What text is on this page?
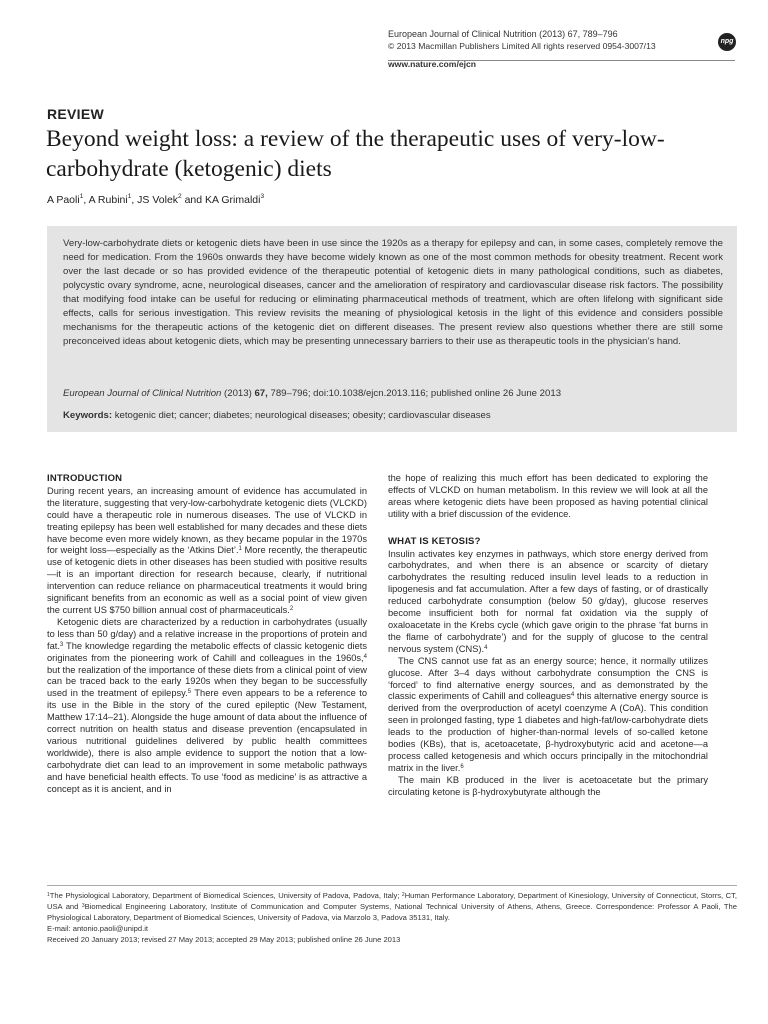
European Journal of Clinical Nutrition (2013) 67, 789–796
© 2013 Macmillan Publishers Limited All rights reserved 0954-3007/13
www.nature.com/ejcn
npg
REVIEW
Beyond weight loss: a review of the therapeutic uses of very-low-carbohydrate (ketogenic) diets
A Paoli$^1$, A Rubini$^1$, JS Volek$^2$ and KA Grimaldi$^3$

Very-low-carbohydrate diets or ketogenic diets have been in use since the 1920s as a therapy for epilepsy and can, in some cases, completely remove the need for medication. From the 1960s onwards they have become widely known as one of the most common methods for obesity treatment. Recent work over the last decade or so has provided evidence of the therapeutic potential of ketogenic diets in many pathological conditions, such as diabetes, polycystic ovary syndrome, acne, neurological diseases, cancer and the amelioration of respiratory and cardiovascular disease risk factors. The possibility that modifying food intake can be useful for reducing or eliminating pharmaceutical methods of treatment, which are often lifelong with significant side effects, calls for serious investigation. This review revisits the meaning of physiological ketosis in the light of this evidence and considers possible mechanisms for the therapeutic actions of the ketogenic diet on different diseases. The present review also questions whether there are still some preconceived ideas about ketogenic diets, which may be presenting unnecessary barriers to their use as therapeutic tools in the physician’s hand.

European Journal of Clinical Nutrition (2013) 67, 789–796; doi:10.1038/ejcn.2013.116; published online 26 June 2013
Keywords: ketogenic diet; cancer; diabetes; neurological diseases; obesity; cardiovascular diseases
INTRODUCTION

During recent years, an increasing amount of evidence has accumulated in the literature, suggesting that very-low-carbohydrate ketogenic diets (VLCKD) could have a therapeutic role in numerous diseases. The use of VLCKD in treating epilepsy has been well established for many decades and these diets have become even more widely known, as they became popular in the 1970s for weight loss—especially as the ‘Atkins Diet’.$^1$ More recently, the therapeutic use of ketogenic diets in other diseases has been studied with positive results—it is an important direction for research because, clearly, if nutritional intervention can reduce reliance on pharmaceutical treatments it would bring significant benefits from an economic as well as a social point of view given the current US $750 billion annual cost of pharmaceuticals.$^2$

Ketogenic diets are characterized by a reduction in carbohydrates (usually to less than 50 g/day) and a relative increase in the proportions of protein and fat.$^3$ The knowledge regarding the metabolic effects of classic ketogenic diets originates from the pioneering work of Cahill and colleagues in the 1960s,$^4$ but the realization of the importance of these diets from a clinical point of view can be traced back to the early 1920s when they began to be successfully used in the treatment of epilepsy.$^5$ There even appears to be a reference to its use in the Bible in the story of the cured epileptic (New Testament, Matthew 17:14–21). Alongside the huge amount of data about the influence of correct nutrition on health status and disease prevention (encapsulated in various nutritional guidelines delivered by public health committees worldwide), there is also ample evidence to support the notion that a low-carbohydrate diet can lead to an improvement in some metabolic pathways and have beneficial health effects. To use ‘food as medicine’ is as attractive a concept as it is ancient, and in

the hope of realizing this much effort has been dedicated to exploring the effects of VLCKD on human metabolism. In this review we will look at all the areas where ketogenic diets have been proposed as having potential clinical utility with a brief discussion of the evidence.

WHAT IS KETOSIS?

Insulin activates key enzymes in pathways, which store energy derived from carbohydrates, and when there is an absence or scarcity of dietary carbohydrates the resulting reduced insulin level leads to a reduction in lipogenesis and fat accumulation. After a few days of fasting, or of drastically reduced carbohydrate consumption (below 50 g/day), glucose reserves become insufficient both for normal fat oxidation via the supply of oxaloacetate in the Krebs cycle (which gave origin to the phrase ‘fat burns in the flame of carbohydrate’) and for the supply of glucose to the central nervous system (CNS).$^4$

The CNS cannot use fat as an energy source; hence, it normally utilizes glucose. After 3–4 days without carbohydrate consumption the CNS is ‘forced’ to find alternative energy sources, and as demonstrated by the classic experiments of Cahill and colleagues$^4$ this alternative energy source is derived from the overproduction of acetyl coenzyme A (CoA). This condition seen in prolonged fasting, type 1 diabetes and high-fat/low-carbohydrate diets leads to the production of higher-than-normal levels of so-called ketone bodies (KBs), that is, acetoacetate, β-hydroxybutyric acid and acetone—a process called ketogenesis and which occurs principally in the mitochondrial matrix in the liver.$^6$

The main KB produced in the liver is acetoacetate but the primary circulating ketone is β-hydroxybutyrate although the

$^1$The Physiological Laboratory, Department of Biomedical Sciences, University of Padova, Padova, Italy; $^2$Human Performance Laboratory, Department of Kinesiology, University of Connecticut, Storrs, CT, USA and $^3$Biomedical Engineering Laboratory, Institute of Communication and Computer Systems, National Technical University of Athens, Athens, Greece. Correspondence: Professor A Paoli, The Physiological Laboratory, Department of Biomedical Sciences, University of Padova, via Marzolo 3, Padova 35131, Italy.

E-mail: antonio.paoli@unipd.it

Received 20 January 2013; revised 27 May 2013; accepted 29 May 2013; published online 26 June 2013
